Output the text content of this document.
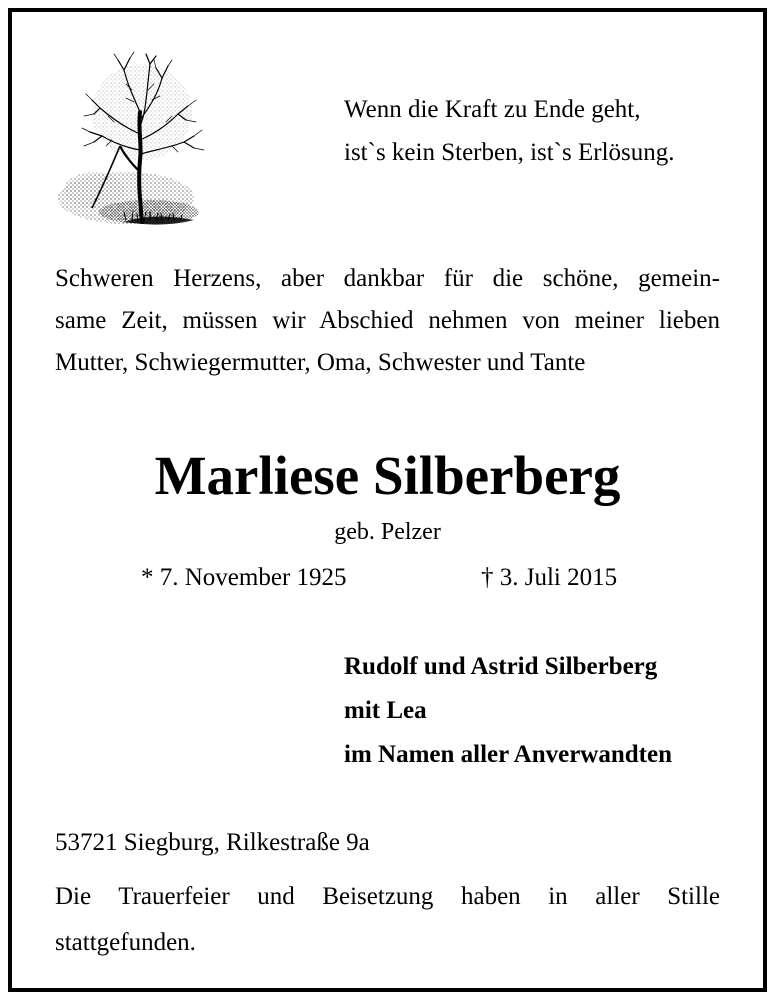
Wenn die Kraft zu Ende geht,
ist`s kein Sterben, ist`s Erlösung.
Schweren Herzens, aber dankbar für die schöne, gemein-
same Zeit, müssen wir Abschied nehmen von meiner lieben
Mutter, Schwiegermutter, Oma, Schwester und Tante
Marliese Silberberg
geb. Pelzer
* 7. November 1925	† 3. Juli 2015
Rudolf und Astrid Silberberg
mit Lea
im Namen aller Anverwandten
53721 Siegburg, Rilkestraße 9a
Die Trauerfeier und Beisetzung haben in aller Stille
stattgefunden.
